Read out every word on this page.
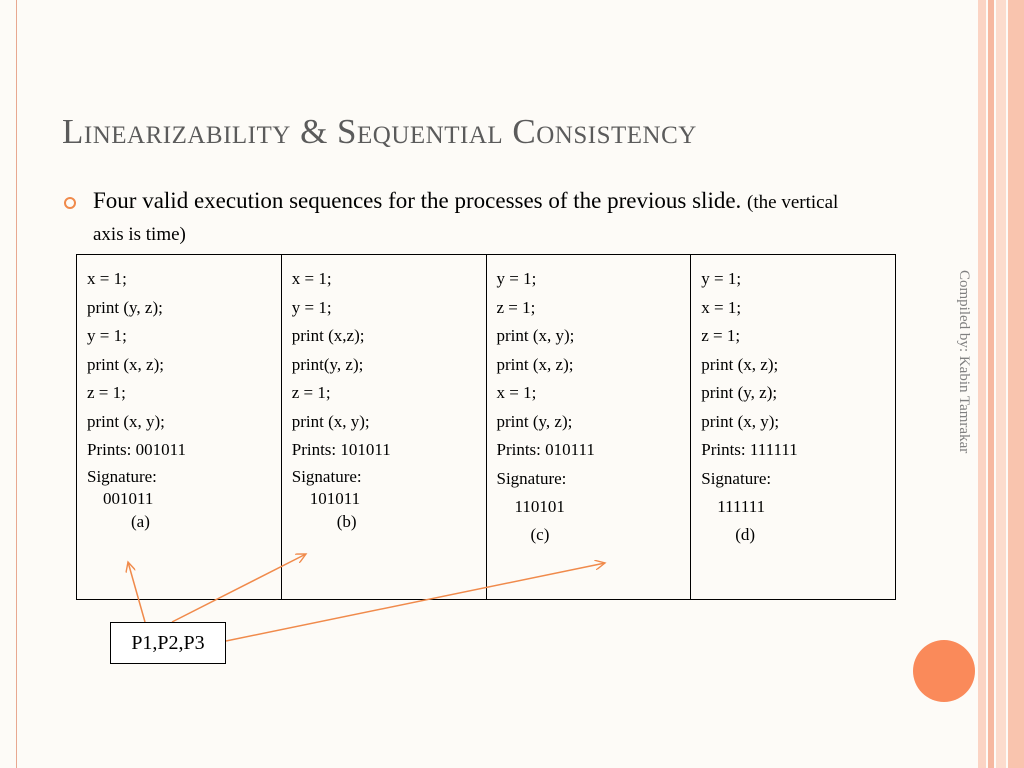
Linearizability & Sequential Consistency
Four valid execution sequences for the processes of the previous slide. (the vertical axis is time)
x = 1;
print (y, z);
y = 1;
print (x, z);
z = 1;
print (x, y);
Prints: 001011
Signature:
001011
(a)
x = 1;
y = 1;
print (x,z);
print(y, z);
z = 1;
print (x, y);
Prints: 101011
Signature:
101011
(b)
y = 1;
z = 1;
print (x, y);
print (x, z);
x = 1;
print (y, z);
Prints: 010111
Signature:
110101
(c)
y = 1;
x = 1;
z = 1;
print (x, z);
print (y, z);
print (x, y);
Prints: 111111
Signature:
111111
(d)
P1,P2,P3
Compiled by: Kabin Tamrakar
